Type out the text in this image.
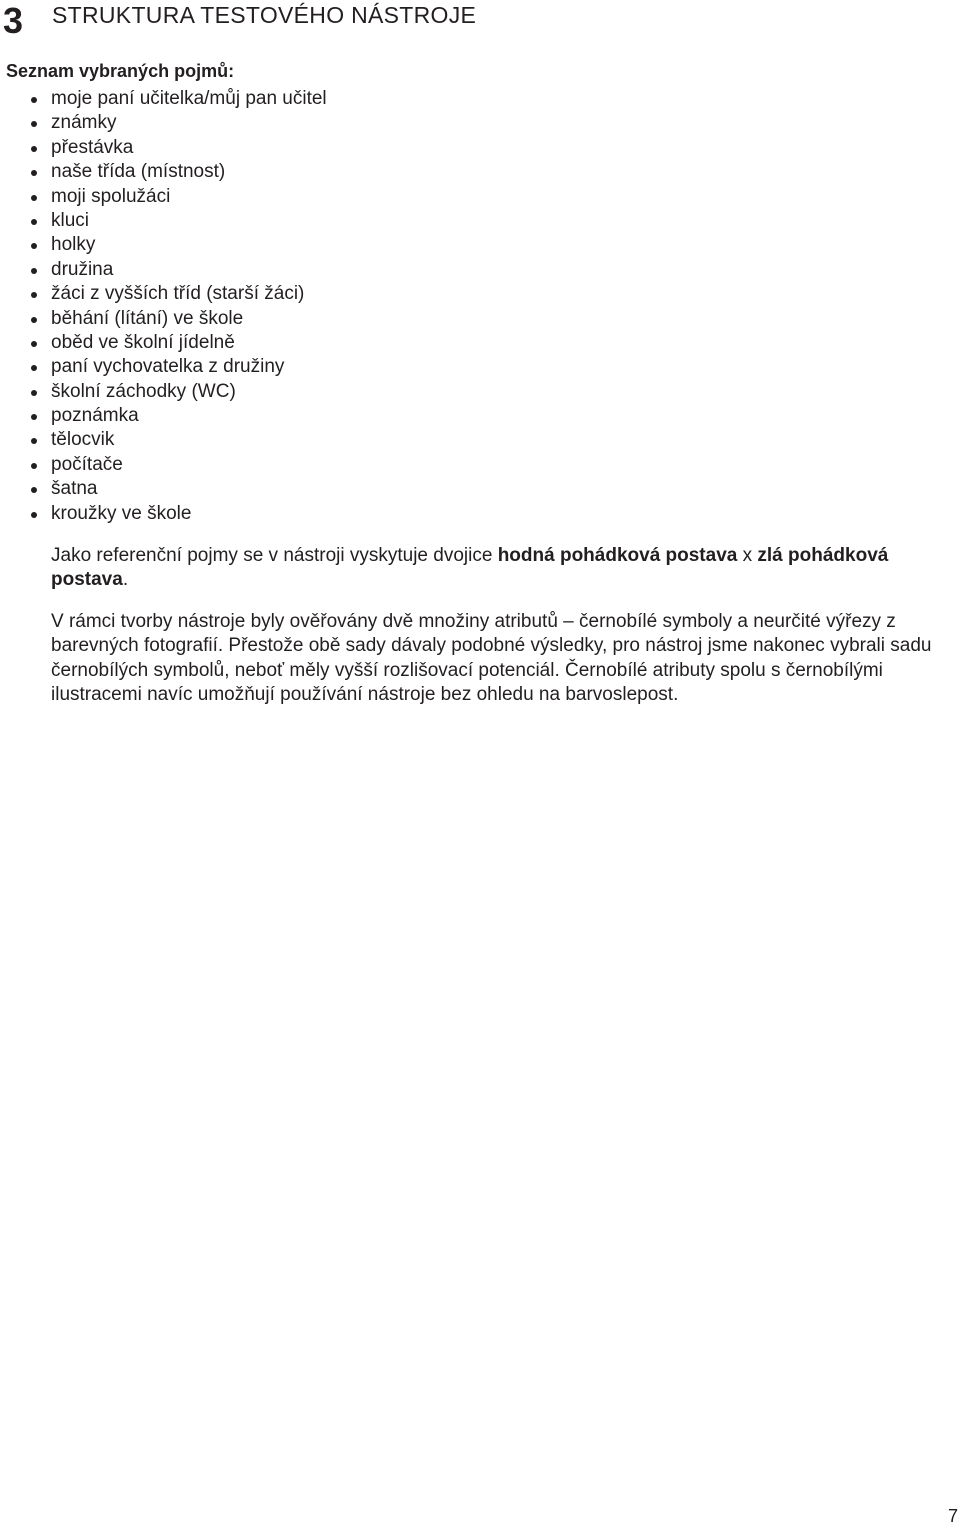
3 STRUKTURA TESTOVÉHO NÁSTROJE
Seznam vybraných pojmů:
moje paní učitelka/můj pan učitel
známky
přestávka
naše třída (místnost)
moji spolužáci
kluci
holky
družina
žáci z vyšších tříd (starší žáci)
běhání (lítání) ve škole
oběd ve školní jídelně
paní vychovatelka z družiny
školní záchodky (WC)
poznámka
tělocvik
počítače
šatna
kroužky ve škole

Jako referenční pojmy se v nástroji vyskytuje dvojice hodná pohádková postava x zlá pohádková postava.

V rámci tvorby nástroje byly ověřovány dvě množiny atributů – černobílé symboly a neurčité výřezy z barevných fotografií. Přestože obě sady dávaly podobné výsledky, pro nástroj jsme nakonec vybrali sadu černobílých symbolů, neboť měly vyšší rozlišovací potenciál. Černobílé atributy spolu s černobílými ilustracemi navíc umožňují používání nástroje bez ohledu na barvoslepost.

7
